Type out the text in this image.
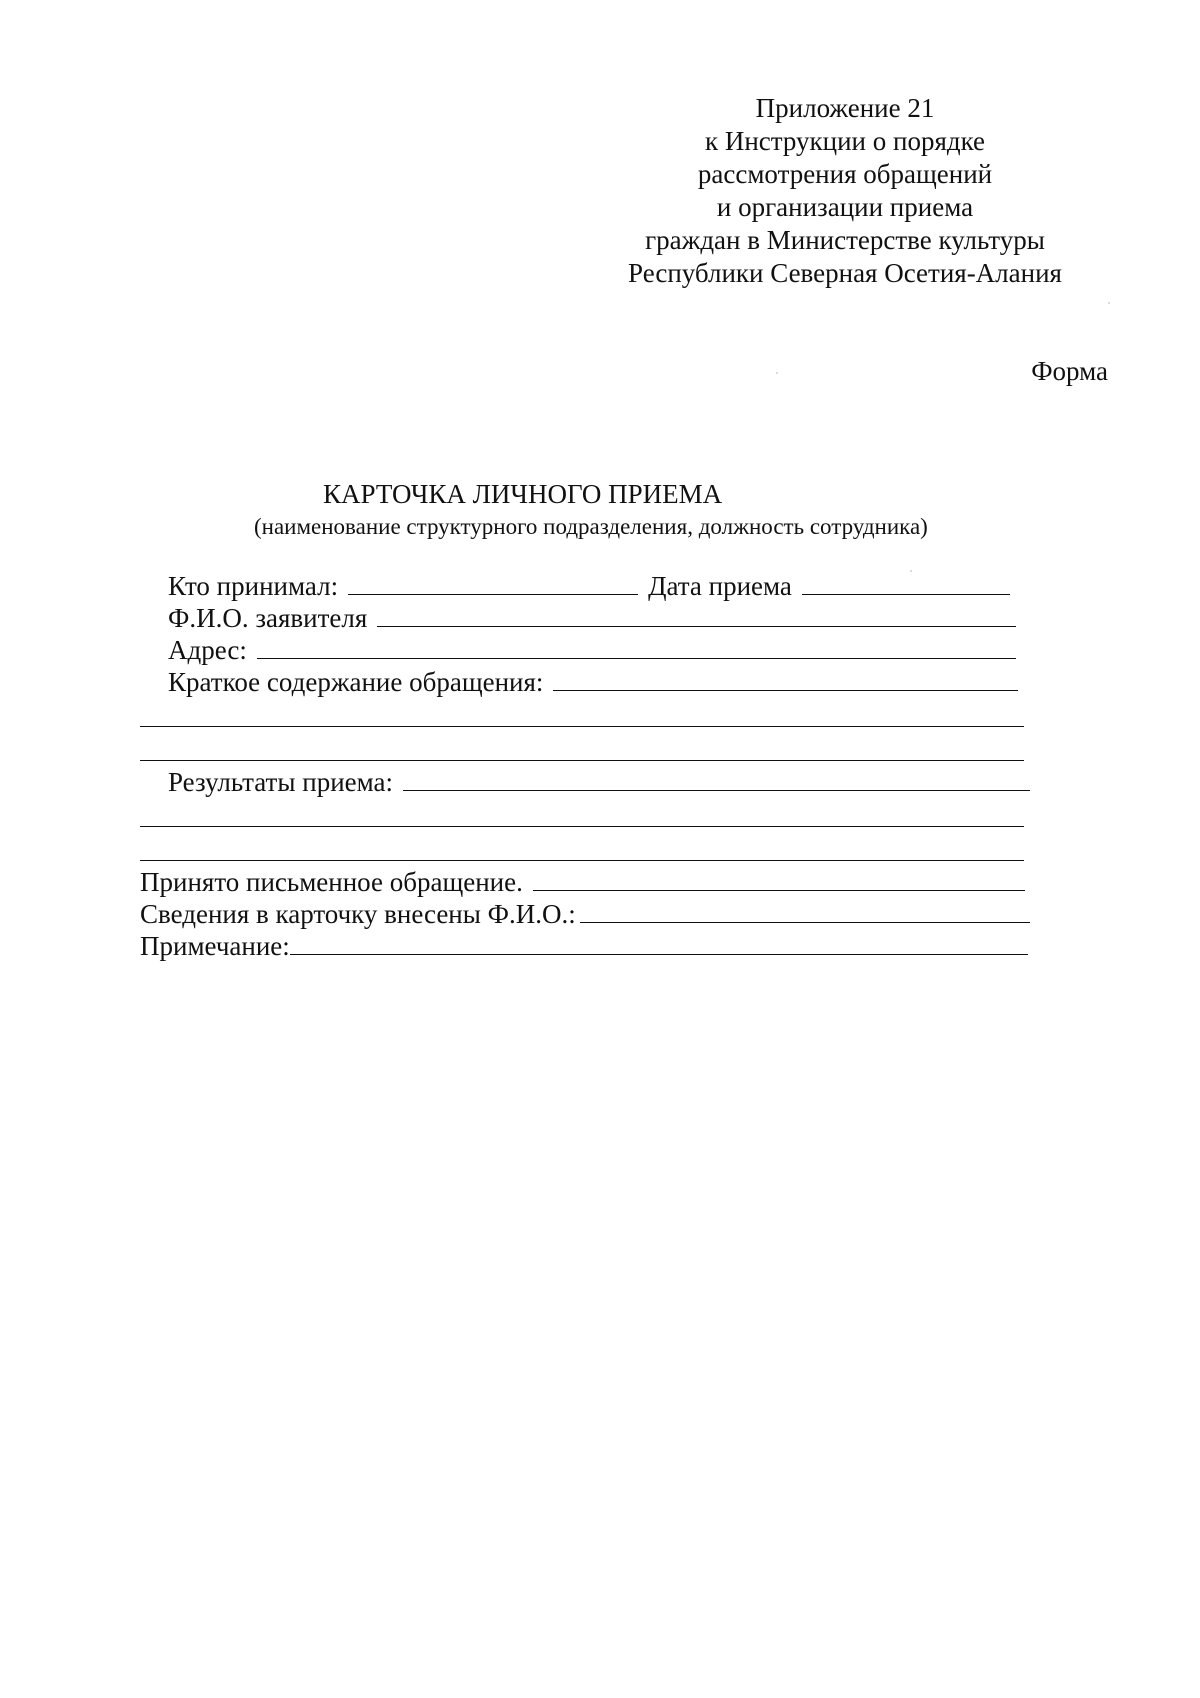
Приложение 21
к Инструкции о порядке
рассмотрения обращений
и организации приема
граждан в Министерстве культуры
Республики Северная Осетия-Алания
Форма
КАРТОЧКА ЛИЧНОГО ПРИЕМА
(наименование структурного подразделения, должность сотрудника)
Кто принимал:	Дата приема
Ф.И.О. заявителя
Адрес:
Краткое содержание обращения:
Результаты приема:
Принято письменное обращение.
Сведения в карточку внесены Ф.И.О.:
Примечание:
